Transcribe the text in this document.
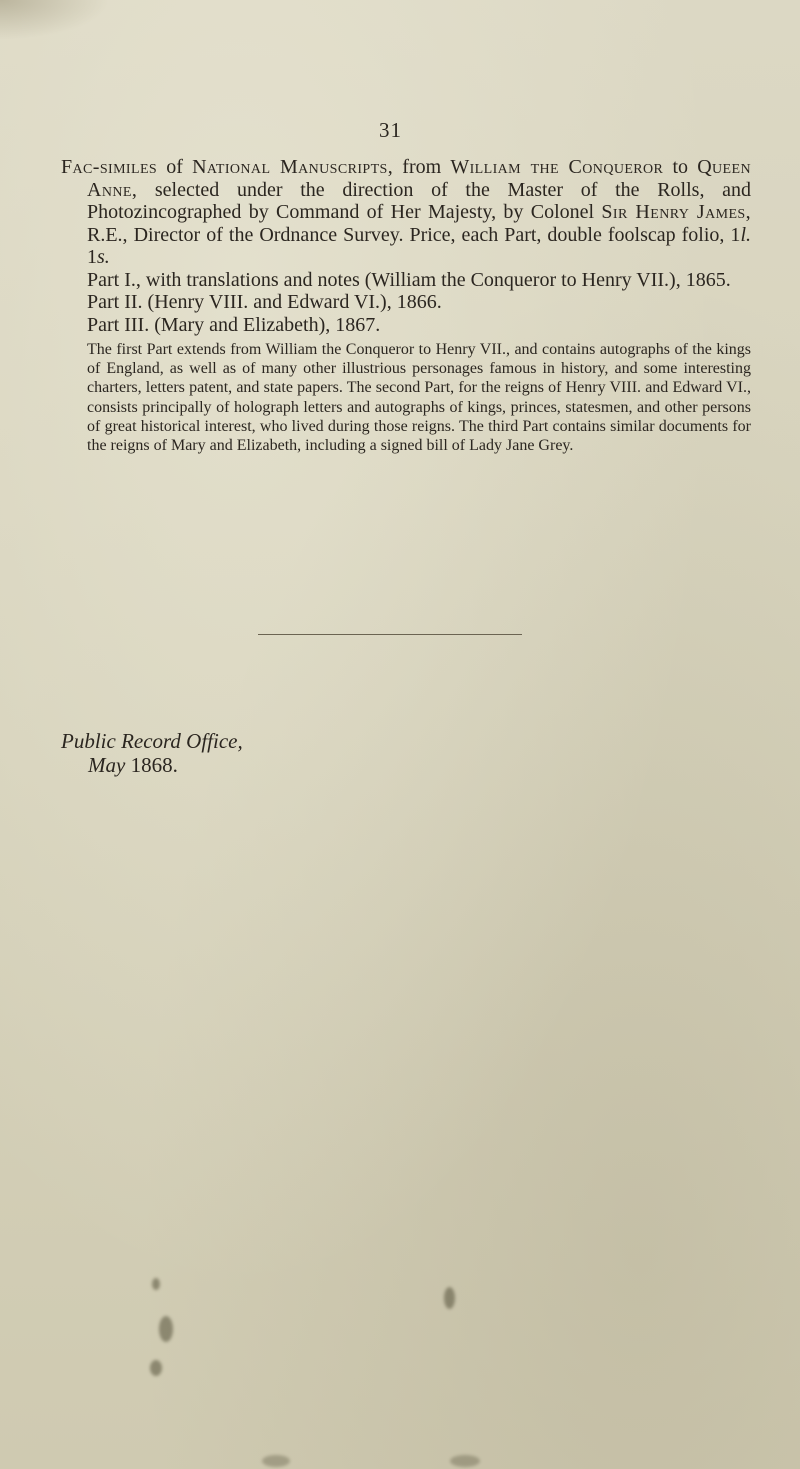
31

Fac-similes of National Manuscripts, from William the Conqueror to Queen Anne, selected under the direction of the Master of the Rolls, and Photozincographed by Command of Her Majesty, by Colonel Sir Henry James, R.E., Director of the Ordnance Survey. Price, each Part, double foolscap folio, 1l. 1s.

Part I., with translations and notes (William the Conqueror to Henry VII.), 1865.
Part II. (Henry VIII. and Edward VI.), 1866.
Part III. (Mary and Elizabeth), 1867.

The first Part extends from William the Conqueror to Henry VII., and contains autographs of the kings of England, as well as of many other illustrious personages famous in history, and some interesting charters, letters patent, and state papers. The second Part, for the reigns of Henry VIII. and Edward VI., consists principally of holograph letters and autographs of kings, princes, statesmen, and other persons of great historical interest, who lived during those reigns. The third Part contains similar documents for the reigns of Mary and Elizabeth, including a signed bill of Lady Jane Grey.

Public Record Office,
May 1868.
